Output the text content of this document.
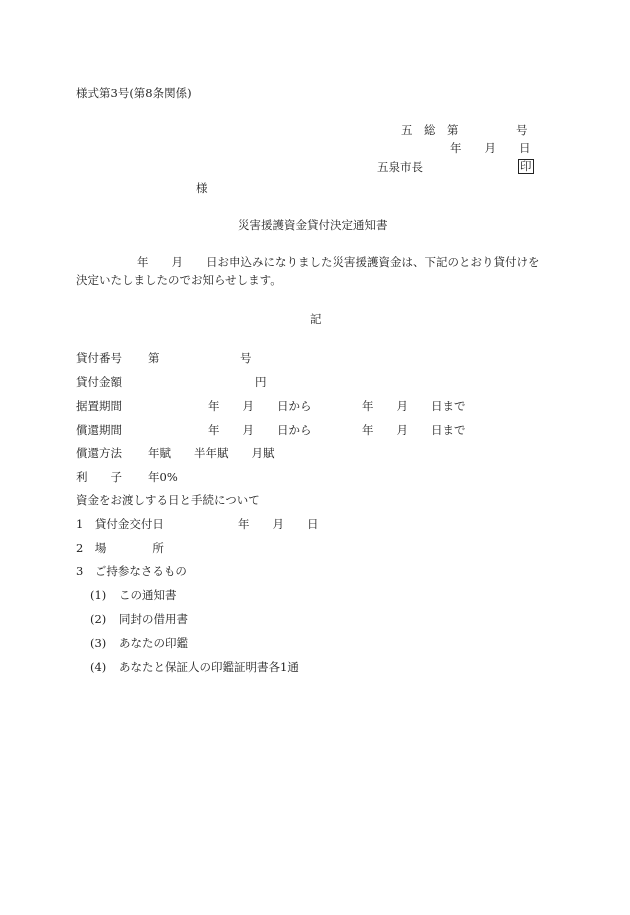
様式第3号(第8条関係)
五　総　第　　　　　号
年　　月　　日
五泉市長	印
様
災害援護資金貸付決定通知書
年　　月　　日お申込みになりました災害援護資金は、下記のとおり貸付けを
決定いたしましたのでお知らせします。
記
貸付番号 第　　　　　　　号
貸付金額	円
据置期間	年　　月　　日から	年　　月　　日まで
償還期間	年　　月　　日から	年　　月　　日まで
償還方法 年賦　　半年賦　　月賦
利　　子 年0%
資金をお渡しする日と手続について
1　貸付金交付日	年　　月　　日
2　場　　　　所
3　ご持参なさるもの
(1) この通知書
(2) 同封の借用書
(3) あなたの印鑑
(4) あなたと保証人の印鑑証明書各1通
